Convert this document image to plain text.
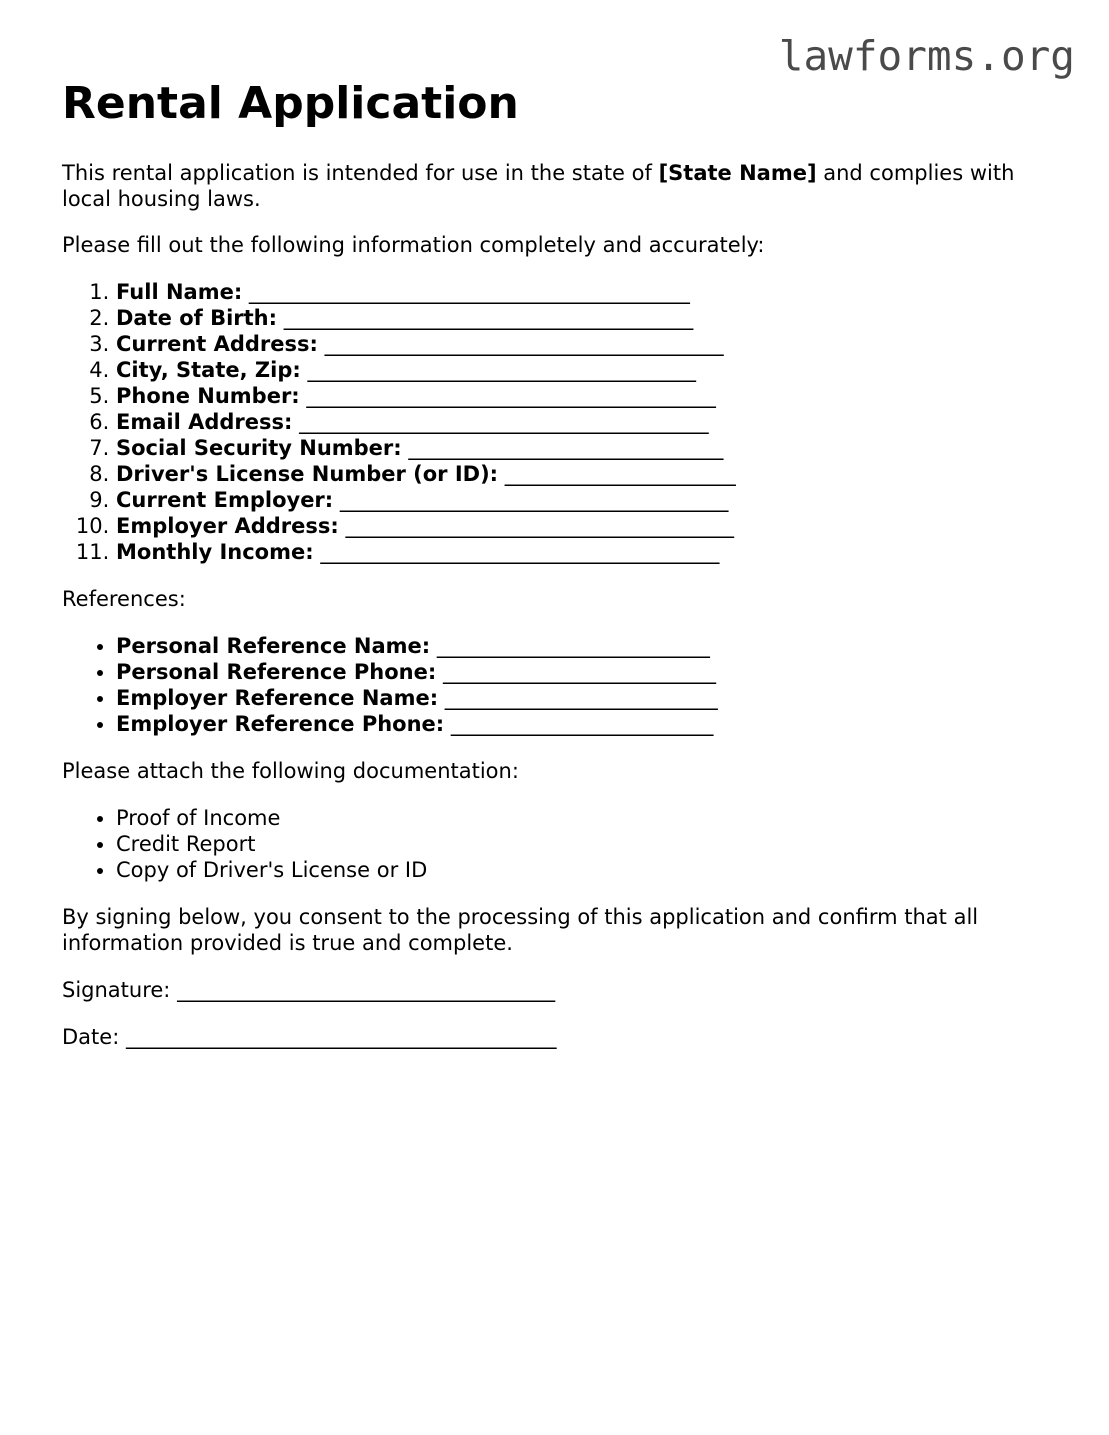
lawforms.org
Rental Application

This rental application is intended for use in the state of [State Name] and complies with local housing laws.

Please fill out the following information completely and accurately:

1. Full Name: __________________________________________
2. Date of Birth: _______________________________________
3. Current Address: ______________________________________
4. City, State, Zip: _____________________________________
5. Phone Number: _______________________________________
6. Email Address: _______________________________________
7. Social Security Number: ______________________________
8. Driver's License Number (or ID): ______________________
9. Current Employer: _____________________________________
10. Employer Address: _____________________________________
11. Monthly Income: ______________________________________

References:

• Personal Reference Name: __________________________
• Personal Reference Phone: __________________________
• Employer Reference Name: __________________________
• Employer Reference Phone: _________________________

Please attach the following documentation:

• Proof of Income
• Credit Report
• Copy of Driver's License or ID

By signing below, you consent to the processing of this application and confirm that all information provided is true and complete.

Signature: ____________________________________

Date: _________________________________________
